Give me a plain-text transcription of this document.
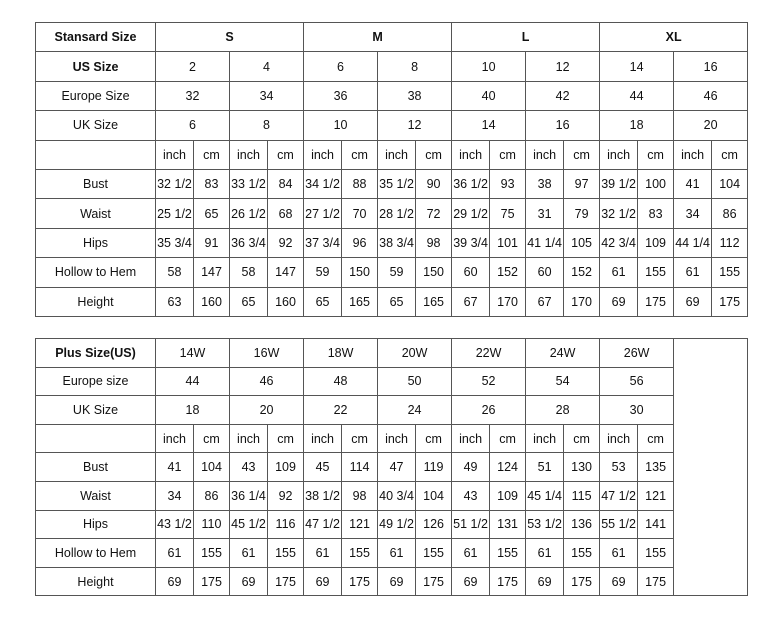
Stansard Size	S				M				L				XL			
US Size	2		4		6		8		10		12		14		16	
Europe Size	32		34		36		38		40		42		44		46	
UK Size	6		8		10		12		14		16		18		20	
	inch	cm	inch	cm	inch	cm	inch	cm	inch	cm	inch	cm	inch	cm	inch	cm
Bust	32 1/2	83	33 1/2	84	34 1/2	88	35 1/2	90	36 1/2	93	38	97	39 1/2	100	41	104
Waist	25 1/2	65	26 1/2	68	27 1/2	70	28 1/2	72	29 1/2	75	31	79	32 1/2	83	34	86
Hips	35 3/4	91	36 3/4	92	37 3/4	96	38 3/4	98	39 3/4	101	41 1/4	105	42 3/4	109	44 1/4	112
Hollow to Hem	58	147	58	147	59	150	59	150	60	152	60	152	61	155	61	155
Height	63	160	65	160	65	165	65	165	67	170	67	170	69	175	69	175
Plus Size(US)	14W		16W		18W		20W		22W		24W		26W		
Europe size	44		46		48		50		52		54		56		
UK Size	18		20		22		24		26		28		30		
	inch	cm	inch	cm	inch	cm	inch	cm	inch	cm	inch	cm	inch	cm	
Bust	41	104	43	109	45	114	47	119	49	124	51	130	53	135	
Waist	34	86	36 1/4	92	38 1/2	98	40 3/4	104	43	109	45 1/4	115	47 1/2	121	
Hips	43 1/2	110	45 1/2	116	47 1/2	121	49 1/2	126	51 1/2	131	53 1/2	136	55 1/2	141	
Hollow to Hem	61	155	61	155	61	155	61	155	61	155	61	155	61	155	
Height	69	175	69	175	69	175	69	175	69	175	69	175	69	175	
